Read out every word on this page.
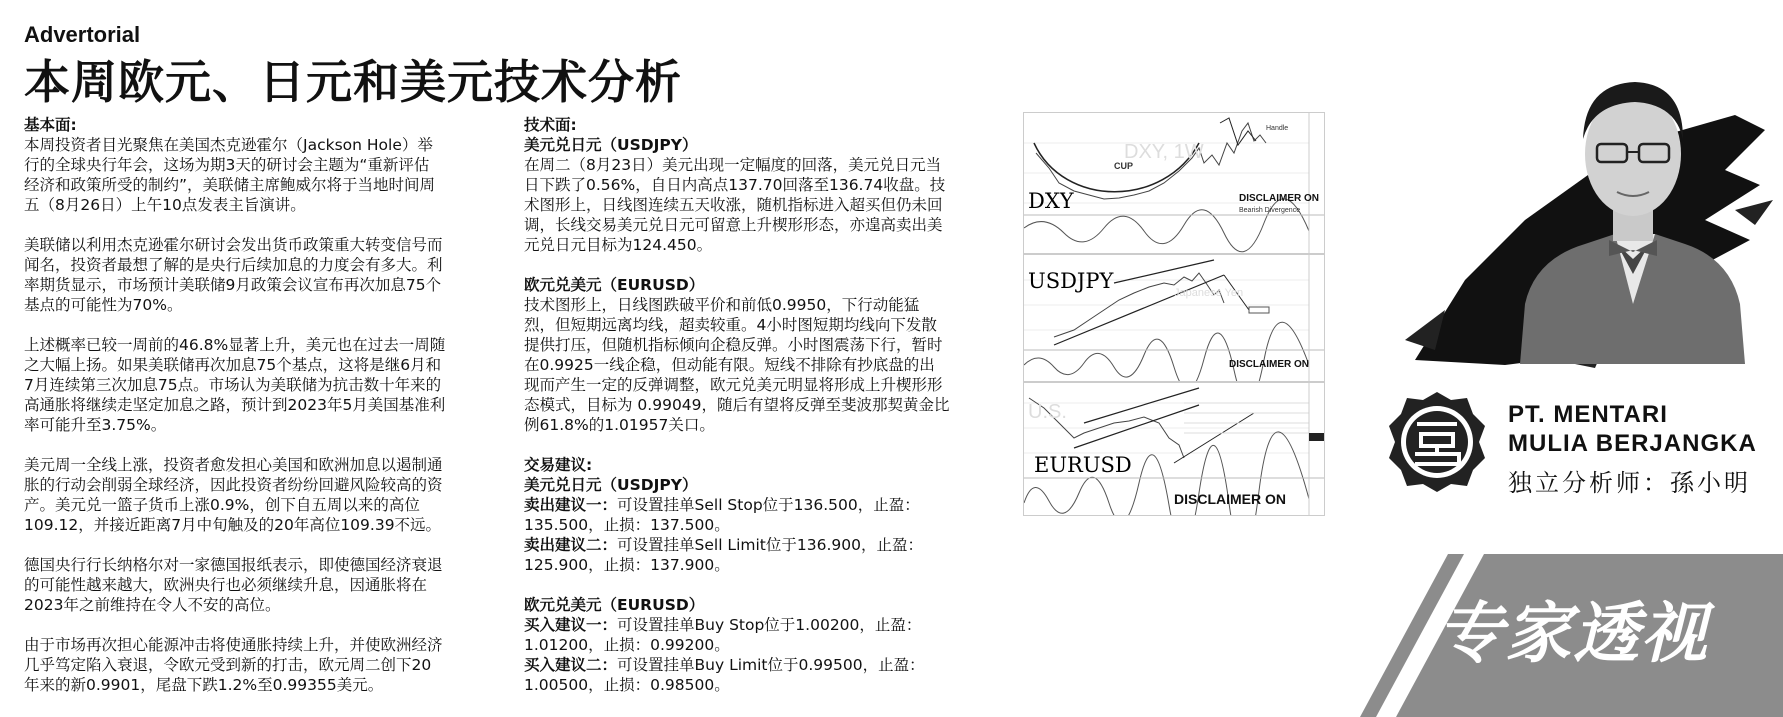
Advertorial
本周欧元、日元和美元技术分析

基本面:

本周投资者目光聚焦在美国杰克逊霍尔（Jackson Hole）举
行的全球央行年会，这场为期3天的研讨会主题为“重新评估
经济和政策所受的制约”，美联储主席鲍威尔将于当地时间周
五（8月26日）上午10点发表主旨演讲。

美联储以利用杰克逊霍尔研讨会发出货币政策重大转变信号而
闻名，投资者最想了解的是央行后续加息的力度会有多大。利
率期货显示，市场预计美联储9月政策会议宣布再次加息75个
基点的可能性为70%。

上述概率已较一周前的46.8%显著上升，美元也在过去一周随
之大幅上扬。如果美联储再次加息75个基点，这将是继6月和
7月连续第三次加息75点。市场认为美联储为抗击数十年来的
高通胀将继续走坚定加息之路，预计到2023年5月美国基准利
率可能升至3.75%。

美元周一全线上涨，投资者愈发担心美国和欧洲加息以遏制通
胀的行动会削弱全球经济，因此投资者纷纷回避风险较高的资
产。美元兑一篮子货币上涨0.9%，创下自五周以来的高位
109.12，并接近距离7月中旬触及的20年高位109.39不远。

德国央行行长纳格尔对一家德国报纸表示，即使德国经济衰退
的可能性越来越大，欧洲央行也必须继续升息，因通胀将在
2023年之前维持在令人不安的高位。

由于市场再次担心能源冲击将使通胀持续上升，并使欧洲经济
几乎笃定陷入衰退，令欧元受到新的打击，欧元周二创下20
年来的新0.9901，尾盘下跌1.2%至0.99355美元。

技术面:

美元兑日元（USDJPY）

在周二（8月23日）美元出现一定幅度的回落，美元兑日元当
日下跌了0.56%，自日内高点137.70回落至136.74收盘。技
术图形上，日线图连续五天收涨，随机指标进入超买但仍未回
调，长线交易美元兑日元可留意上升楔形形态，亦遑高卖出美
元兑日元目标为124.450。

欧元兑美元（EURUSD）

技术图形上，日线图跌破平价和前低0.9950，下行动能猛
烈，但短期远离均线，超卖较重。4小时图短期均线向下发散
提供打压，但随机指标倾向企稳反弹。小时图震荡下行，暂时
在0.9925一线企稳，但动能有限。短线不排除有抄底盘的出
现而产生一定的反弹调整，欧元兑美元明显将形成上升楔形形
态模式，目标为 0.99049，随后有望将反弹至斐波那契黄金比
例61.8%的1.01957关口。

交易建议:

美元兑日元（USDJPY）

卖出建议一：可设置挂单Sell Stop位于136.500，止盈：
135.500，止损：137.500。

卖出建议二：可设置挂单Sell Limit位于136.900，止盈：
125.900，止损：137.900。

欧元兑美元（EURUSD）

买入建议一：可设置挂单Buy Stop位于1.00200，止盈：
1.01200，止损：0.99200。

买入建议二：可设置挂单Buy Limit位于0.99500，止盈：
1.00500，止损：0.98500。

DXY, 1W
CUP
Handle
Bearish Divergence
DXY	DISCLAIMER ON
Japanese Yen
USDJPY
DISCLAIMER ON
U.S.
EURUSD
DISCLAIMER ON
PT. MENTARI
MULIA BERJANGKA
独立分析师：孫小明
专家透视
